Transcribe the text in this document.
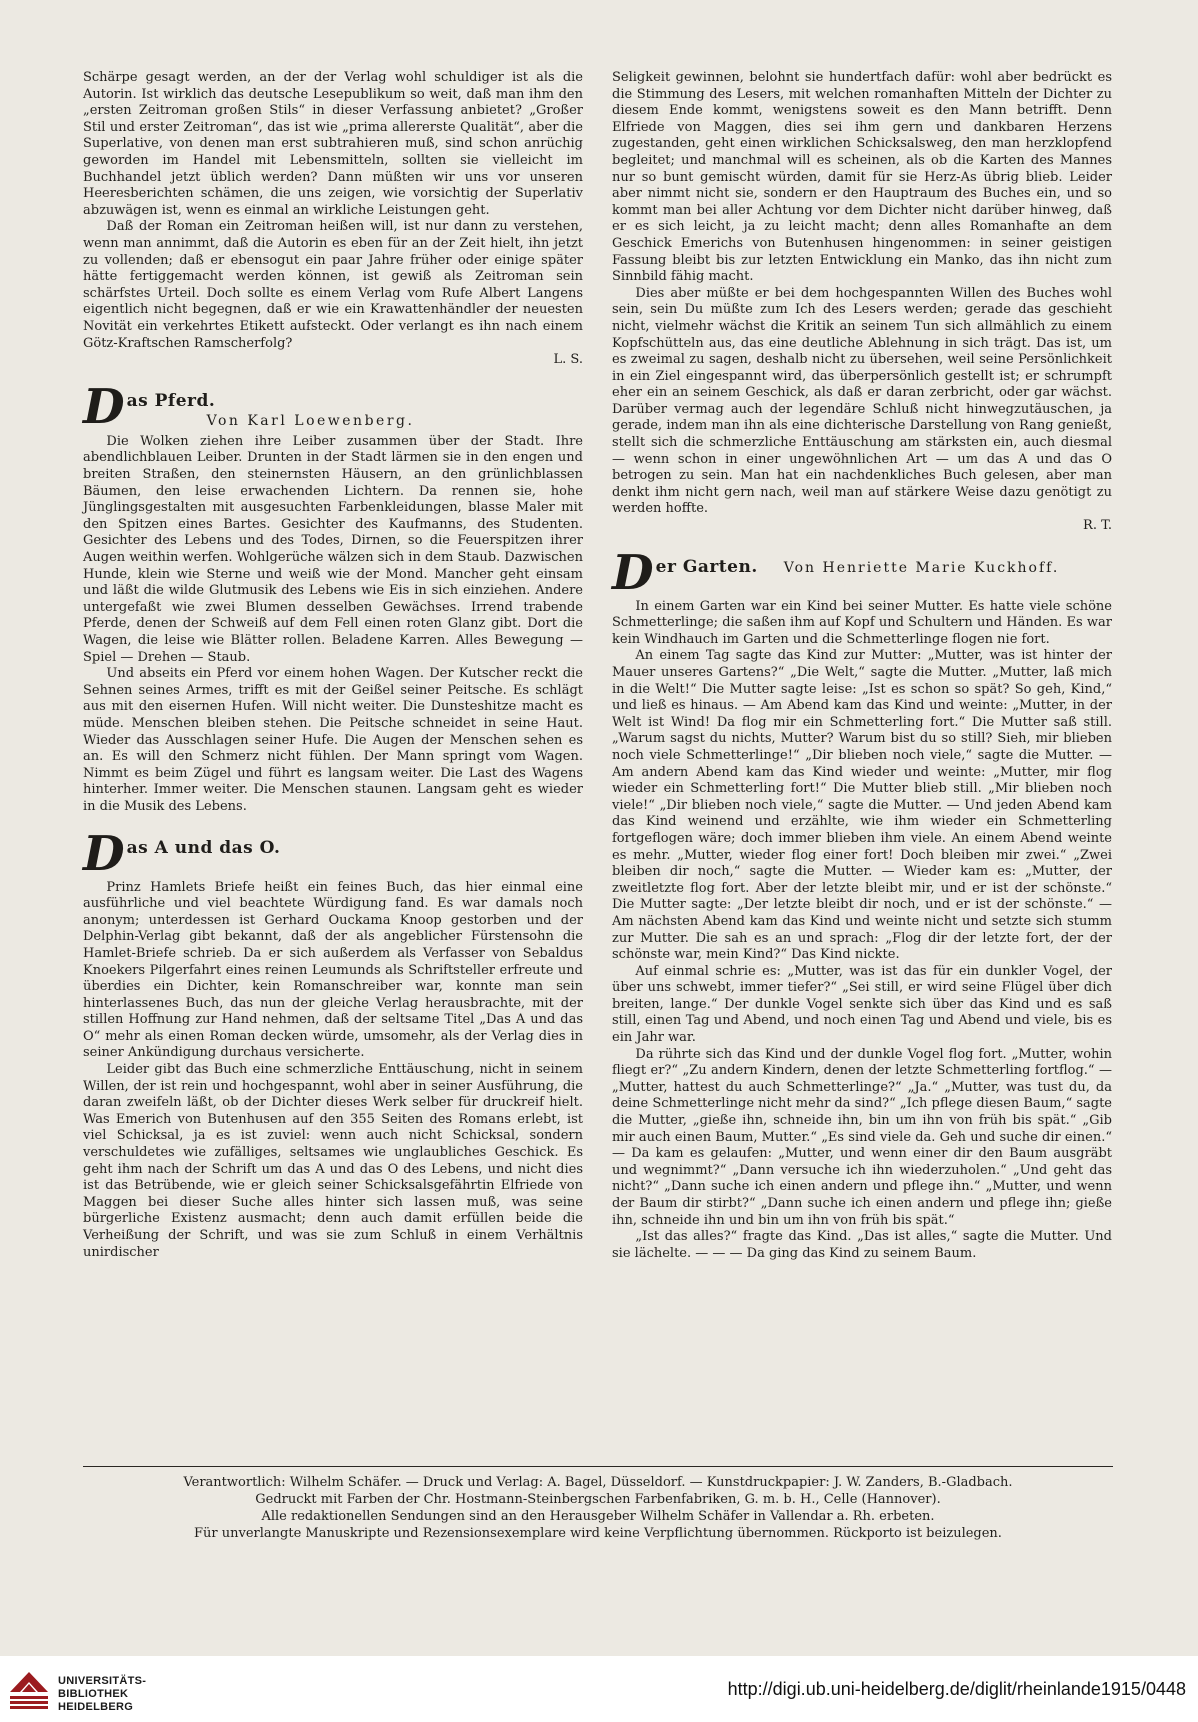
Schärpe gesagt werden, an der der Verlag wohl schuldiger ist als die Autorin. Ist wirklich das deutsche Lesepublikum so weit, daß man ihm den „ersten Zeitroman großen Stils“ in dieser Verfassung anbietet? „Großer Stil und erster Zeitroman“, das ist wie „prima allererste Qualität“, aber die Superlative, von denen man erst subtrahieren muß, sind schon anrüchig geworden im Handel mit Lebensmitteln, sollten sie vielleicht im Buchhandel jetzt üblich werden? Dann müßten wir uns vor unseren Heeresberichten schämen, die uns zeigen, wie vorsichtig der Superlativ abzuwägen ist, wenn es einmal an wirkliche Leistungen geht.

Daß der Roman ein Zeitroman heißen will, ist nur dann zu verstehen, wenn man annimmt, daß die Autorin es eben für an der Zeit hielt, ihn jetzt zu vollenden; daß er ebensogut ein paar Jahre früher oder einige später hätte fertiggemacht werden können, ist gewiß als Zeitroman sein schärfstes Urteil. Doch sollte es einem Verlag vom Rufe Albert Langens eigentlich nicht begegnen, daß er wie ein Krawattenhändler der neuesten Novität ein verkehrtes Etikett aufsteckt. Oder verlangt es ihn nach einem Götz-Kraftschen Ramscherfolg?

L. S.
D as Pferd.
Von Karl Loewenberg.

Die Wolken ziehen ihre Leiber zusammen über der Stadt. Ihre abendlichblauen Leiber. Drunten in der Stadt lärmen sie in den engen und breiten Straßen, den steinernsten Häusern, an den grünlichblassen Bäumen, den leise erwachenden Lichtern. Da rennen sie, hohe Jünglingsgestalten mit ausgesuchten Farbenkleidungen, blasse Maler mit den Spitzen eines Bartes. Gesichter des Kaufmanns, des Studenten. Gesichter des Lebens und des Todes, Dirnen, so die Feuerspitzen ihrer Augen weithin werfen. Wohlgerüche wälzen sich in dem Staub. Dazwischen Hunde, klein wie Sterne und weiß wie der Mond. Mancher geht einsam und läßt die wilde Glutmusik des Lebens wie Eis in sich einziehen. Andere untergefaßt wie zwei Blumen desselben Gewächses. Irrend trabende Pferde, denen der Schweiß auf dem Fell einen roten Glanz gibt. Dort die Wagen, die leise wie Blätter rollen. Beladene Karren. Alles Bewegung — Spiel — Drehen — Staub.

Und abseits ein Pferd vor einem hohen Wagen. Der Kutscher reckt die Sehnen seines Armes, trifft es mit der Geißel seiner Peitsche. Es schlägt aus mit den eisernen Hufen. Will nicht weiter. Die Dunsteshitze macht es müde. Menschen bleiben stehen. Die Peitsche schneidet in seine Haut. Wieder das Ausschlagen seiner Hufe. Die Augen der Menschen sehen es an. Es will den Schmerz nicht fühlen. Der Mann springt vom Wagen. Nimmt es beim Zügel und führt es langsam weiter. Die Last des Wagens hinterher. Immer weiter. Die Menschen staunen. Langsam geht es wieder in die Musik des Lebens.

D as A und das O.

Prinz Hamlets Briefe heißt ein feines Buch, das hier einmal eine ausführliche und viel beachtete Würdigung fand. Es war damals noch anonym; unterdessen ist Gerhard Ouckama Knoop gestorben und der Delphin-Verlag gibt bekannt, daß der als angeblicher Fürstensohn die Hamlet-Briefe schrieb. Da er sich außerdem als Verfasser von Sebaldus Knoekers Pilgerfahrt eines reinen Leumunds als Schriftsteller erfreute und überdies ein Dichter, kein Romanschreiber war, konnte man sein hinterlassenes Buch, das nun der gleiche Verlag herausbrachte, mit der stillen Hoffnung zur Hand nehmen, daß der seltsame Titel „Das A und das O“ mehr als einen Roman decken würde, umsomehr, als der Verlag dies in seiner Ankündigung durchaus versicherte.

Leider gibt das Buch eine schmerzliche Enttäuschung, nicht in seinem Willen, der ist rein und hochgespannt, wohl aber in seiner Ausführung, die daran zweifeln läßt, ob der Dichter dieses Werk selber für druckreif hielt. Was Emerich von Butenhusen auf den 355 Seiten des Romans erlebt, ist viel Schicksal, ja es ist zuviel: wenn auch nicht Schicksal, sondern verschuldetes wie zufälliges, seltsames wie unglaubliches Geschick. Es geht ihm nach der Schrift um das A und das O des Lebens, und nicht dies ist das Betrübende, wie er gleich seiner Schicksalsgefährtin Elfriede von Maggen bei dieser Suche alles hinter sich lassen muß, was seine bürgerliche Existenz ausmacht; denn auch damit erfüllen beide die Verheißung der Schrift, und was sie zum Schluß in einem Verhältnis unirdischer

Seligkeit gewinnen, belohnt sie hundertfach dafür: wohl aber bedrückt es die Stimmung des Lesers, mit welchen romanhaften Mitteln der Dichter zu diesem Ende kommt, wenigstens soweit es den Mann betrifft. Denn Elfriede von Maggen, dies sei ihm gern und dankbaren Herzens zugestanden, geht einen wirklichen Schicksalsweg, den man herzklopfend begleitet; und manchmal will es scheinen, als ob die Karten des Mannes nur so bunt gemischt würden, damit für sie Herz-As übrig blieb. Leider aber nimmt nicht sie, sondern er den Hauptraum des Buches ein, und so kommt man bei aller Achtung vor dem Dichter nicht darüber hinweg, daß er es sich leicht, ja zu leicht macht; denn alles Romanhafte an dem Geschick Emerichs von Butenhusen hingenommen: in seiner geistigen Fassung bleibt bis zur letzten Entwicklung ein Manko, das ihn nicht zum Sinnbild fähig macht.

Dies aber müßte er bei dem hochgespannten Willen des Buches wohl sein, sein Du müßte zum Ich des Lesers werden; gerade das geschieht nicht, vielmehr wächst die Kritik an seinem Tun sich allmählich zu einem Kopfschütteln aus, das eine deutliche Ablehnung in sich trägt. Das ist, um es zweimal zu sagen, deshalb nicht zu übersehen, weil seine Persönlichkeit in ein Ziel eingespannt wird, das überpersönlich gestellt ist; er schrumpft eher ein an seinem Geschick, als daß er daran zerbricht, oder gar wächst. Darüber vermag auch der legendäre Schluß nicht hinwegzutäuschen, ja gerade, indem man ihn als eine dichterische Darstellung von Rang genießt, stellt sich die schmerzliche Enttäuschung am stärksten ein, auch diesmal — wenn schon in einer ungewöhnlichen Art — um das A und das O betrogen zu sein. Man hat ein nachdenkliches Buch gelesen, aber man denkt ihm nicht gern nach, weil man auf stärkere Weise dazu genötigt zu werden hoffte.

R. T.
D er Garten. Von Henriette Marie Kuckhoff.

In einem Garten war ein Kind bei seiner Mutter. Es hatte viele schöne Schmetterlinge; die saßen ihm auf Kopf und Schultern und Händen. Es war kein Windhauch im Garten und die Schmetterlinge flogen nie fort.

An einem Tag sagte das Kind zur Mutter: „Mutter, was ist hinter der Mauer unseres Gartens?“ „Die Welt,“ sagte die Mutter. „Mutter, laß mich in die Welt!“ Die Mutter sagte leise: „Ist es schon so spät? So geh, Kind,“ und ließ es hinaus. — Am Abend kam das Kind und weinte: „Mutter, in der Welt ist Wind! Da flog mir ein Schmetterling fort.“ Die Mutter saß still. „Warum sagst du nichts, Mutter? Warum bist du so still? Sieh, mir blieben noch viele Schmetterlinge!“ „Dir blieben noch viele,“ sagte die Mutter. — Am andern Abend kam das Kind wieder und weinte: „Mutter, mir flog wieder ein Schmetterling fort!“ Die Mutter blieb still. „Mir blieben noch viele!“ „Dir blieben noch viele,“ sagte die Mutter. — Und jeden Abend kam das Kind weinend und erzählte, wie ihm wieder ein Schmetterling fortgeflogen wäre; doch immer blieben ihm viele. An einem Abend weinte es mehr. „Mutter, wieder flog einer fort! Doch bleiben mir zwei.“ „Zwei bleiben dir noch,“ sagte die Mutter. — Wieder kam es: „Mutter, der zweitletzte flog fort. Aber der letzte bleibt mir, und er ist der schönste.“ Die Mutter sagte: „Der letzte bleibt dir noch, und er ist der schönste.“ — Am nächsten Abend kam das Kind und weinte nicht und setzte sich stumm zur Mutter. Die sah es an und sprach: „Flog dir der letzte fort, der der schönste war, mein Kind?“ Das Kind nickte.

Auf einmal schrie es: „Mutter, was ist das für ein dunkler Vogel, der über uns schwebt, immer tiefer?“ „Sei still, er wird seine Flügel über dich breiten, lange.“ Der dunkle Vogel senkte sich über das Kind und es saß still, einen Tag und Abend, und noch einen Tag und Abend und viele, bis es ein Jahr war.

Da rührte sich das Kind und der dunkle Vogel flog fort. „Mutter, wohin fliegt er?“ „Zu andern Kindern, denen der letzte Schmetterling fortflog.“ — „Mutter, hattest du auch Schmetterlinge?“ „Ja.“ „Mutter, was tust du, da deine Schmetterlinge nicht mehr da sind?“ „Ich pflege diesen Baum,“ sagte die Mutter, „gieße ihn, schneide ihn, bin um ihn von früh bis spät.“ „Gib mir auch einen Baum, Mutter.“ „Es sind viele da. Geh und suche dir einen.“ — Da kam es gelaufen: „Mutter, und wenn einer dir den Baum ausgräbt und wegnimmt?“ „Dann versuche ich ihn wiederzuholen.“ „Und geht das nicht?“ „Dann suche ich einen andern und pflege ihn.“ „Mutter, und wenn der Baum dir stirbt?“ „Dann suche ich einen andern und pflege ihn; gieße ihn, schneide ihn und bin um ihn von früh bis spät.“

„Ist das alles?“ fragte das Kind. „Das ist alles,“ sagte die Mutter. Und sie lächelte. — — — Da ging das Kind zu seinem Baum.

Verantwortlich: Wilhelm Schäfer. — Druck und Verlag: A. Bagel, Düsseldorf. — Kunstdruckpapier: J. W. Zanders, B.-Gladbach.
Gedruckt mit Farben der Chr. Hostmann-Steinbergschen Farbenfabriken, G. m. b. H., Celle (Hannover).
Alle redaktionellen Sendungen sind an den Herausgeber Wilhelm Schäfer in Vallendar a. Rh. erbeten.
Für unverlangte Manuskripte und Rezensionsexemplare wird keine Verpflichtung übernommen. Rückporto ist beizulegen.
UNIVERSITÄTS-
BIBLIOTHEK
HEIDELBERG
http://digi.ub.uni-heidelberg.de/diglit/rheinlande1915/0448
